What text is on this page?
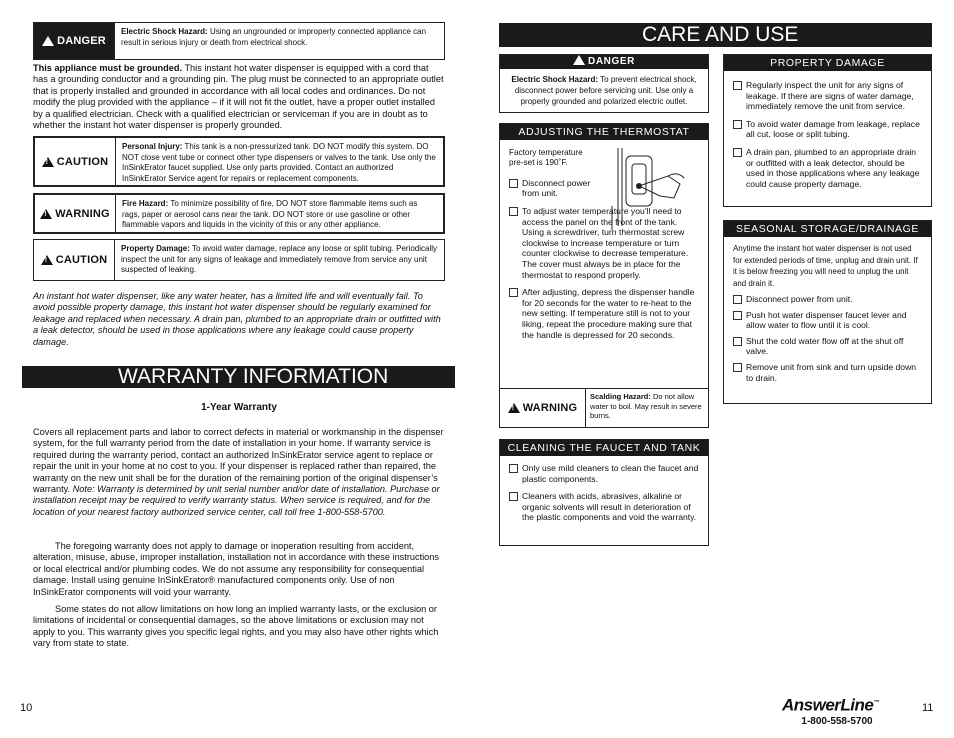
!
DANGER
Electric Shock Hazard: Using an ungrounded or improperly connected appliance can result in serious injury or death from electrical shock.
This appliance must be grounded. This instant hot water dispenser is equipped with a cord that has a grounding conductor and a grounding pin. The plug must be connected to an appropriate outlet that is properly installed and grounded in accordance with all local codes and ordinances. Do not modify the plug provided with the appliance – if it will not fit the outlet, have a proper outlet installed by a qualified electrician. Check with a qualified electrician or serviceman if you are in doubt as to whether the instant hot water dispenser is properly grounded.
!
CAUTION
Personal Injury: This tank is a non-pressurized tank. DO NOT modify this system. DO NOT close vent tube or connect other type dispensers or valves to the tank. Use only the InSinkErator faucet supplied. Use only parts provided. Contact an authorized InSinkErator Service agent for repairs or replacement components.
!
WARNING
Fire Hazard: To minimize possibility of fire, DO NOT store flammable items such as rags, paper or aerosol cans near the tank. DO NOT store or use gasoline or other flammable vapors and liquids in the vicinity of this or any other appliance.
!
CAUTION
Property Damage: To avoid water damage, replace any loose or split tubing. Periodically inspect the unit for any signs of leakage and immediately remove from service any unit suspected of leaking.
An instant hot water dispenser, like any water heater, has a limited life and will eventually fail. To avoid possible property damage, this instant hot water dispenser should be regularly examined for leakage and replaced when necessary. A drain pan, plumbed to an appropriate drain or outfitted with a leak detector, should be used in those applications where any leakage could cause property damage.
WARRANTY INFORMATION
1-Year Warranty
Covers all replacement parts and labor to correct defects in material or workmanship in the dispenser system, for the full warranty period from the date of installation in your home. If warranty service is required during the warranty period, contact an authorized InSinkErator service agent to replace or repair the unit in your home at no cost to you. If your dispenser is replaced rather than repaired, the warranty on the new unit shall be for the duration of the remaining portion of the original dispenser’s warranty. Note: Warranty is determined by unit serial number and/or date of installation. Purchase or installation receipt may be required to verify warranty status. When service is required, and for the location of your nearest factory authorized service center, call toll free 1-800-558-5700.
The foregoing warranty does not apply to damage or inoperation resulting from accident, alteration, misuse, abuse, improper installation, installation not in accordance with these instructions or local electrical and/or plumbing codes. We do not assume any responsibility for consequential damage. Install using genuine InSinkErator® manufactured components only. Use of non InSinkErator components will void your warranty.
Some states do not allow limitations on how long an implied warranty lasts, or the exclusion or limitations of incidental or consequential damages, so the above limitations or exclusion may not apply to you. This warranty gives you specific legal rights, and you may also have other rights which vary from state to state.
10
CARE AND USE
!DANGER
Electric Shock Hazard: To prevent electrical shock, disconnect power before servicing unit. Use only a properly grounded and polarized electric outlet.
ADJUSTING THE THERMOSTAT
Factory temperature pre-set is 190˚F.
Disconnect power from unit.
To adjust water temperature you’ll need to access the panel on the front of the tank. Using a screwdriver, turn thermostat screw clockwise to increase temperature or turn counter clockwise to decrease temperature. The cover must always be in place for the thermostat to respond properly.
After adjusting, depress the dispenser handle for 20 seconds for the water to re-heat to the new setting. If temperature still is not to your liking, repeat the procedure making sure that the handle is depressed for 20 seconds.
!
WARNING
Scalding Hazard: Do not allow water to boil. May result in severe burns.
CLEANING THE FAUCET AND TANK
Only use mild cleaners to clean the faucet and plastic components.
Cleaners with acids, abrasives, alkaline or organic solvents will result in deterioration of the plastic components and void the warranty.
PROPERTY DAMAGE
Regularly inspect the unit for any signs of leakage. If there are signs of water damage, immediately remove the unit from service.
To avoid water damage from leakage, replace all cut, loose or split tubing.
A drain pan, plumbed to an appropriate drain or outfitted with a leak detector, should be used in those applications where any leakage could cause property damage.
SEASONAL STORAGE/DRAINAGE
Anytime the instant hot water dispenser is not used for extended periods of time, unplug and drain unit. If it is below freezing you will need to unplug the unit and drain it.
Disconnect power from unit.
Push hot water dispenser faucet lever and allow water to flow until it is cool.
Shut the cold water flow off at the shut off valve.
Remove unit from sink and turn upside down to drain.
AnswerLine™
1-800-558-5700
11
